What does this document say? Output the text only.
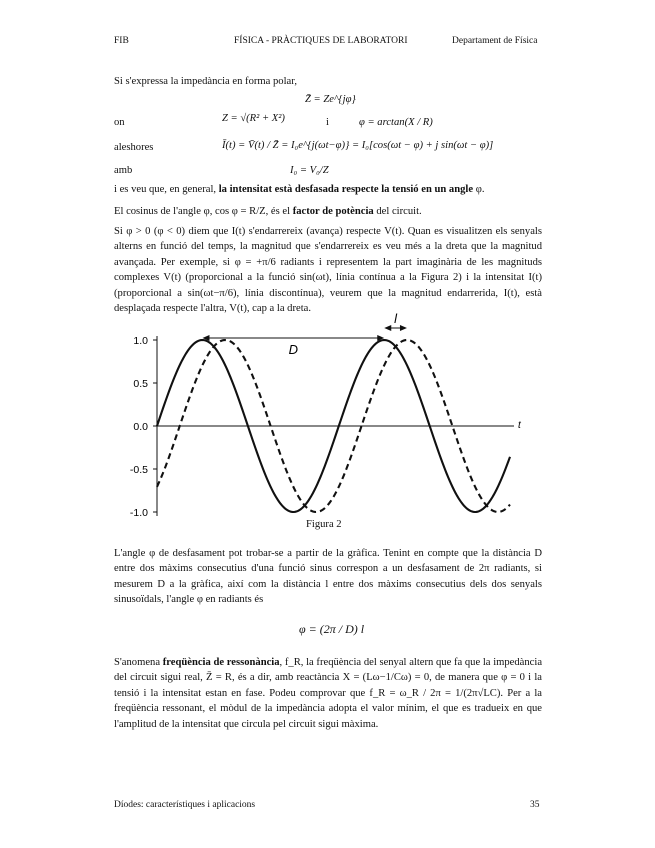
FIB	FÍSICA - PRÀCTIQUES DE LABORATORI	Departament de Física
Si s'expressa la impedància en forma polar,
Z̄ = Ze^{jφ}
on	Z = √(R² + X²)	i	φ = arctan(X / R)
aleshores	Ī(t) = V̄(t) / Z̄ = I₀e^{j(ωt−φ)} = I₀[cos(ωt − φ) + j sin(ωt − φ)]
amb	I₀ = V₀/Z

i es veu que, en general, la intensitat està desfasada respecte la tensió en un angle φ.

El cosinus de l'angle φ, cos φ = R/Z, és el factor de potència del circuit.

Si φ > 0 (φ < 0) diem que I(t) s'endarrereix (avança) respecte V(t). Quan es visualitzen els senyals alterns en funció del temps, la magnitud que s'endarrereix es veu més a la dreta que la magnitud avançada. Per exemple, si φ = +π/6 radiants i representem la part imaginària de les magnituds complexes V(t) (proporcional a la funció sin(ωt), línia contínua a la Figura 2) i la intensitat I(t) (proporcional a sin(ωt−π/6), línia discontínua), veurem que la magnitud endarrerida, I(t), està desplaçada respecte l'altra, V(t), cap a la dreta.

t
1.0
0.5
0.0
-0.5
-1.0
D
l
Figura 2

L'angle φ de desfasament pot trobar-se a partir de la gràfica. Tenint en compte que la distància D entre dos màxims consecutius d'una funció sinus correspon a un desfasament de 2π radiants, si mesurem D a la gràfica, així com la distància l entre dos màxims consecutius dels dos senyals sinusoïdals, l'angle φ en radiants és

φ = (2π / D) l

S'anomena freqüència de ressonància, f_R, la freqüència del senyal altern que fa que la impedància del circuit sigui real, Z̄ = R, és a dir, amb reactància X = (Lω−1/Cω) = 0, de manera que φ = 0 i la tensió i la intensitat estan en fase. Podeu comprovar que f_R = ω_R / 2π = 1/(2π√LC). Per a la freqüència ressonant, el mòdul de la impedància adopta el valor mínim, el que es tradueix en que l'amplitud de la intensitat que circula pel circuit sigui màxima.

Díodes: característiques i aplicacions	35
